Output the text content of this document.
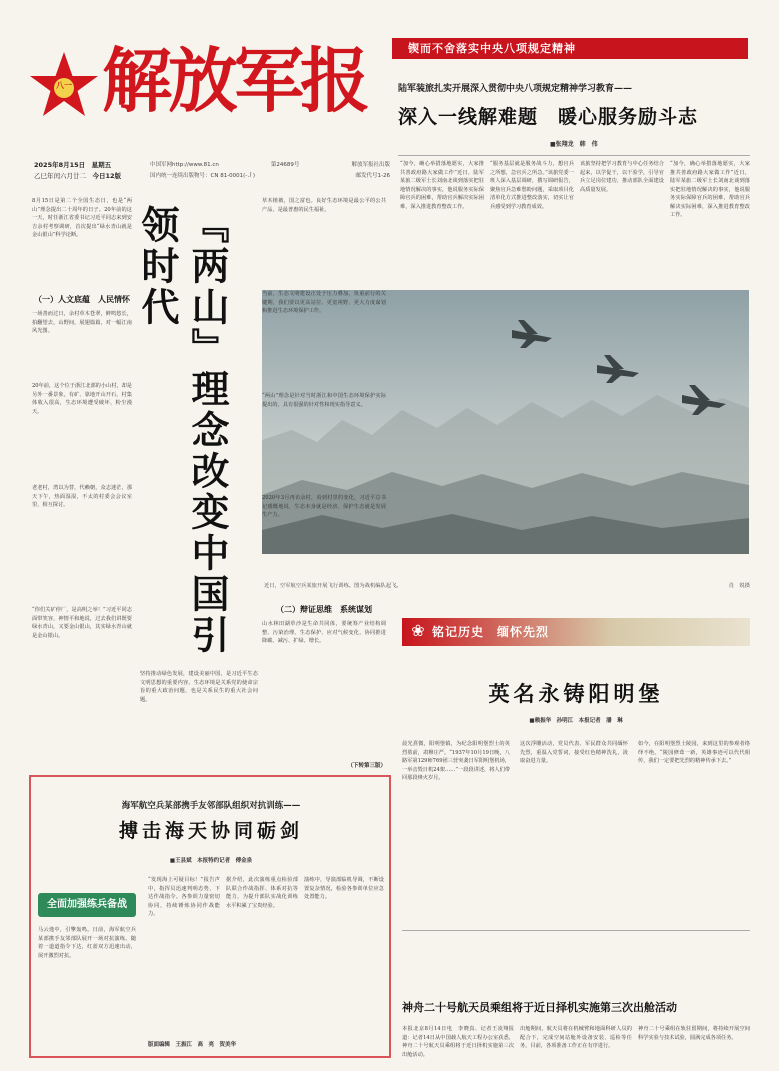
八一 解放军报
2025年8月15日　 星期五
乙巳年闰六月廿二　 今日12版
中国军网http://www.81.cn	第24689号	解放军报社出版
国内统一连续出版物号：CN 81-0001(-Ｊ)	邮发代号1-26
锲而不舍落实中央八项规定精神
陆军装旅扎实开展深入贯彻中央八项规定精神学习教育——
深入一线解难题　暖心服务励斗志
■张翔龙　韩　伟
“加今，确心举措落地愿实，大家推共善政府路大家做工作”近日，陆军某旅二级军士长刘南北谈到落实把驻地情况解决的事实，他说服务实际保障官兵的困难，帮助官兵解决实际困难，深入推进教育整改工作。
“服务基层就是服务战斗力，想官兵之所想，急官兵之所急。”该旅党委一班人深入基层调研，撰写调研报告，聚焦官兵急难愁盼问题，采取项目化清单化方式推进整改落实，切实让官兵感受到学习教育成效。
该旅坚持把学习教育与中心任务结合起来，以学促干，以干验学，引导官兵立足岗位建功，推动部队全面建设高质量发展。
“加今，确心举措落地愿实，大家推共善政府路大家做工作”近日，陆军某旅二级军士长刘南北谈到落实把驻地情况解决的事实，他说服务实际保障官兵的困难，帮助官兵解决实际困难，深入推进教育整改工作。
近日，空军航空兵某旅开展飞行训练。图为战机编队起飞。	肖　锐摄
8月15日是第二个全国生态日，也是“两山”理念提出二十周年的日子。20年前的这一天，时任浙江省委书记习近平同志来到安吉余村考察调研，首次提出“绿水青山就是金山银山”科学论断。
（一）人文底蕴　人民情怀
一场善而过日，余村草木苍翠，鲜鸣悠长，拍翻望去，山野间，展翅篇篇，对一幅江南风光图。
20年前，这个位于浙江北部的小山村，却是另外一番景象，有矿、靠地开山开石，村集体收入很高，生态环境遭受破坏，粉尘漫天。
老老村，湾以为替，代赖朝，众志迷茫，那天下午，热面湿湿，不太的村委会会议室里，相互探讨。
“你们关矿停厂，是高明之举！”习近平同志面带笑容，神情平和地说，过去我们讲既要绿水青山，又要金山银山，其实绿水青山就是金山银山。	『两山』理念改变中国引领时代
坚持推动绿色发展，建设美丽中国，是习近平生态文明思想的重要内容。生态环境是关系党的使命宗旨的重大政治问题，也是关系民生的重大社会问题。
草木植被，国之富也。良好生态环境是最公平的公共产品，是最普惠的民生福祉。
当前，生态文明建设正处于压力叠加、负重前行的关键期，我们要以更高站位、更宽视野、更大力度谋划和推进生态环境保护工作。
“两山”理念是针对当时浙江和中国生态环境保护实际提出的，具有很强的针对性和现实指导意义。
2020年3月再访余村，看到村里的变化，习近平总书记感慨地说，生态本身就是经济，保护生态就是发展生产力。
（二）辩证思维　系统谋划
山水林田湖草沙是生命共同体，要统筹产业结构调整、污染治理、生态保护、应对气候变化，协同推进降碳、减污、扩绿、增长。
（下转第三版）
海军航空兵某部携手友邻部队组织对抗训练——
搏击海天协同砺剑
■王县斌　本报特约记者　傅金泉
全面加强练兵备战
马云逸中，引擎轰鸣。日前，海军航空兵某部携手友邻部队展开一场对抗演练。随着一道道指令下达，红蓝双方迅速出动，展开激烈对抗。
“发现海上可疑目标！”报告声中，指挥员迅速判明态势，下达作战指令。各参训力量密切协同，持续锤炼协同作战能力。
据介绍，此次演练重点检验部队联合作战指挥、体系对抗等能力，为提升部队实战化训练水平积累了宝贵经验。
演练中，导演部临机导调，不断设置复杂情况，检验各参训单位应急处置能力。
版面编辑　王振江　高　亮　贺美华
❀ 铭记历史　缅怀先烈
英名永铸阳明堡
■赖振华　孙明江　本报记者　潘　琳
晨光熹微，阳明堡镇，为纪念阳明堡烈士的英烈墓前，肃穆庄严。“1937年10月19日晚，八路军第129师769团三营突袭日军阳明堡机场，一举击毁日机24架……”一段段讲述，将人们带回那段烽火岁月。
这次浮雕活动，党员代表、军民群众共同缅怀先烈，重温入党誓词，接受红色精神洗礼，汲取奋进力量。
如今，在阳明堡烈士陵园，来到这里的参观者络绎不绝。“陵园修葺一新，英雄事迹可以代代相传，我们一定要把先烈的精神传承下去。”
神舟二十号航天员乘组将于近日择机实施第三次出舱活动
本报北京8月14日电　李晓真、记者王凌翔报道：记者14日从中国载人航天工程办公室获悉，神舟二十号航天员乘组将于近日择机实施第三次出舱活动。
出舱期间，航天员将在机械臂和地面科研人员的配合下，完成空间站舱外设备安装、巡检等任务。目前，各项准备工作正在有序进行。
神舟二十号乘组在轨驻留期间，将持续开展空间科学实验与技术试验，圆满完成各项任务。
